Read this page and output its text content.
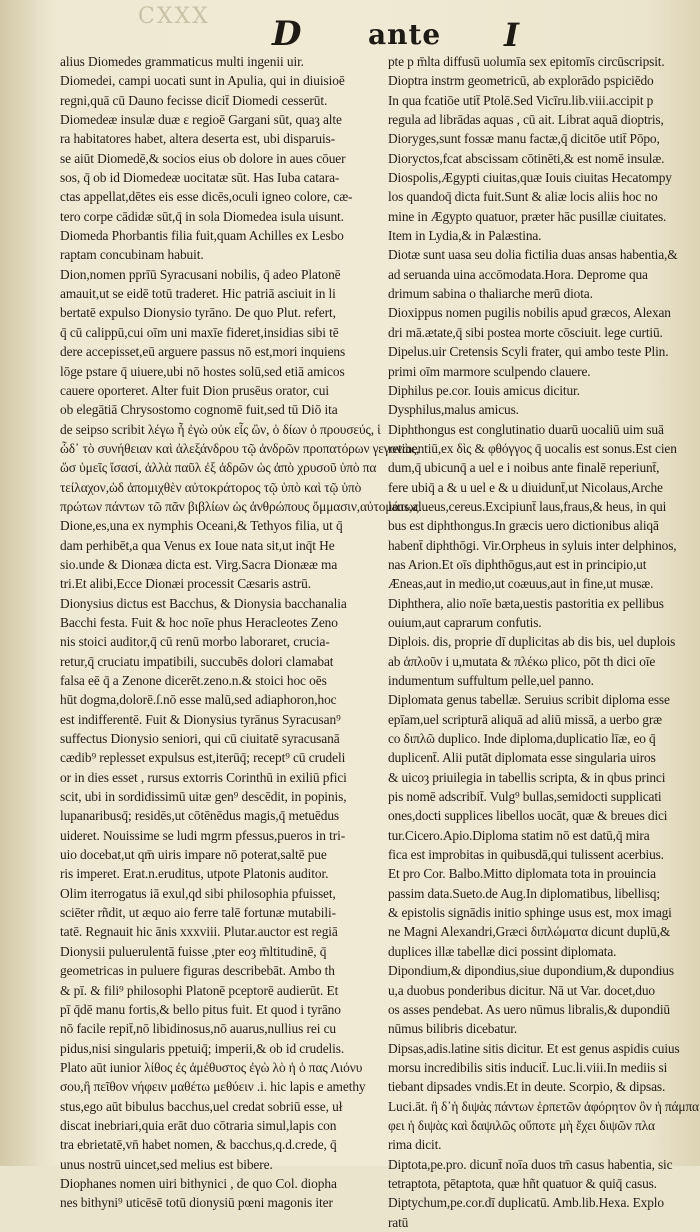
CXXX D ante I
alius Diomedes grammaticus multi ingenii uir.
Diomedei, campi uocati sunt in Apulia, qui in diuisioē
regni,quā cū Dauno fecisse dicit̄ Diomedi cesserūt.
Diomedeæ insulæ duæ ε regioē Gargani sūt, quaȝ alte
ra habitatores habet, altera deserta est, ubi disparuis-
se aiūt Diomedē,& socios eius ob dolore in aues cōuer
sos, q̄ ob id Diomedeæ uocitatæ sūt. Has Iuba catara-
ctas appellat,dētes eis esse dicēs,oculi igneo colore, cæ-
tero corpe cādidæ sūt,q̄ in sola Diomedea isula uisunt.
Diomeda Phorbantis filia fuit,quam Achilles ex Lesbo
raptam concubinam habuit.
Dion,nomen pprīū Syracusani nobilis, q̄ adeo Platonē
amauit,ut se eidē totū traderet. Hic patriā asciuit in li
bertatē expulso Dionysio tyrāno. De quo Plut. refert,
q̄ cū calippū,cui oīm uni maxīe fideret,insidias sibi tē
dere accepisset,eū arguere passus nō est,mori inquiens
lōge pstare q̄ uiuere,ubi nō hostes solū,sed etiā amicos
cauere oporteret. Alter fuit Dion prusēus orator, cui
ob elegātiā Chrysostomo cognomē fuit,sed tū Diō ita
de seipso scribit λέγω ἦ ἐγὼ οὐκ εἶς ὢν, ὁ δίων ὁ προυσεύς, ἱ
ὧδ᾽ τὸ συνήθειαν καὶ ἀλεξάνδρου τῷ ἀνδρῶν προπατόρων γεγονὼς,
ὥσ ὑμεῖς ἴσασί, ἀλλὰ παῦλ ἐξ ἀδρῶν ὡς ἀπὸ χρυσοῦ ὑπὸ πα
τείλαχον,ὡδ ἀπομιχθὲν αὐτοκράτορος τῷ ὑπὸ καὶ τῷ ὑπὸ
πρώτων πάντων τῶ πᾶν βιβλίων ὡς ἀνθρώπους ὄμμασιν,αὐτομάτως.
Dione,es,una ex nymphis Oceani,& Tethyos filia, ut q̄
dam perhibēt,a qua Venus ex Ioue nata sit,ut inq̄t He
sio.unde & Dionæa dicta est. Virg.Sacra Dionææ ma
tri.Et alibi,Ecce Dionæi processit Cæsaris astrū.
Dionysius dictus est Bacchus, & Dionysia bacchanalia
Bacchi festa. Fuit & hoc noīe phus Heracleotes Zeno
nis stoici auditor,q̄ cū renū morbo laboraret, crucia-
retur,q̄ cruciatu impatibili, succubēs dolori clamabat
falsa eē q̄ a Zenone dicerēt.zeno.n.& stoici hoc oēs
hūt dogma,dolorē.ſ.nō esse malū,sed adiaphoron,hoc
est indifferentē. Fuit & Dionysius tyrānus Syracusan⁹
suffectus Dionysio seniori, qui cū ciuitatē syracusanā
cædib⁹ replesset expulsus est,iterūq̄; recept⁹ cū crudeli
or in dies esset , rursus extorris Corinthū in exiliū pfici
scit, ubi in sordidissimū uitæ gen⁹ descēdit, in popinis,
lupanaribusq̄; residēs,ut cōtēnēdus magis,q̄ metuēdus
uideret. Nouissime se ludi mgrm pfessus,pueros in tri-
uio docebat,ut qm̄ uiris impare nō poterat,saltē pue
ris imperet. Erat.n.eruditus, utpote Platonis auditor.
Olim iterrogatus iā exul,qd sibi philosophia pfuisset,
sciēter rñdit, ut æquo aio ferre talē fortunæ mutabili-
tatē. Regnauit hic ānis xxxviii. Plutar.auctor est regiā
Dionysii puluerulentā fuisse ,pter eoȝ m̄ltitudinē, q̄
geometricas in puluere figuras describebāt. Ambo th
& pī. & fili⁹ philosophi Platonē pceptorē audierūt. Et
pī q̄dē manu fortis,& bello pitus fuit. Et quod i tyrāno
nō facile repit̄,nō libidinosus,nō auarus,nullius rei cu
pidus,nisi singularis ppetuiq̄; imperii,& ob id crudelis.
Plato aūt iunior λίθος ἐς ἀμέθυστος ἐγὼ λὸ ἡ ὁ πας Λιόνυ
σου,ἢ πεῖθον νήφειν μαθέτω μεθύειν .i. hic lapis e amethy
stus,ego aūt bibulus bacchus,uel credat sobriū esse, uł
discat inebriari,quia erāt duo cōtraria simul,lapis con
tra ebrietatē,vn̄ habet nomen, & bacchus,q.d.crede, q̄
unus nostrū uincet,sed melius est bibere.
Diophanes nomen uiri bithynici , de quo Col. diopha
nes bithyni⁹ uticēsē totū dionysiū pœni magonis iter
pte p m̄lta diffusū uolumīa sex epitomīs circūscripsit.
Dioptra instrm geometricū, ab explorādo pspiciēdo
In qua fcatiōe utit̄ Ptolē.Sed Vicīru.lib.viii.accipit p
regula ad librādas aquas , cū ait. Librat aquā dioptris,
Dioryges,sunt fossæ manu factæ,q̄ dicitōe utit̄ Pōpo,
Dioryctos,fcat abscissam cōtinēti,& est nomē insulæ.
Diospolis,Ægypti ciuitas,quæ Iouis ciuitas Hecatompy
los quandoq̄ dicta fuit.Sunt & aliæ locis aliis hoc no
mine in Ægypto quatuor, præter hāc pusillæ ciuitates.
Item in Lydia,& in Palæstina.
Diotæ sunt uasa seu dolia fictilia duas ansas habentia,&
ad seruanda uina accōmodata.Hora. Deprome qua
drimum sabina o thaliarche merū diota.
Dioxippus nomen pugilis nobilis apud græcos, Alexan
dri mā.ætate,q̄ sibi postea morte cōsciuit. lege curtiū.
Dipelus.uir Cretensis Scyli frater, qui ambo teste Plin.
primi oīm marmore sculpendo clauere.
Diphilus pe.cor. Iouis amicus dicitur.
Dysphilus,malus amicus.
Diphthongus est conglutinatio duarū uocaliū uim suā
retinentiū,ex δὶς & φθόγγος q̄ uocalis est sonus.Est cien
dum,q̄ ubicunq̄ a uel e i noibus ante finalē reperiunt̄,
fere ubiq̄ a & u uel e & u diuidunt̄,ut Nicolaus,Arche
laus,alueus,cereus.Excipiunt̄ laus,fraus,& heus, in qui
bus est diphthongus.In græcis uero dictionibus aliqā
habent̄ diphthōgi. Vir.Orpheus in syluis inter delphinos,
nas Arion.Et oīs diphthōgus,aut est in principio,ut
Æneas,aut in medio,ut coæuus,aut in fine,ut musæ.
Diphthera, alio noīe bæta,uestis pastoritia ex pellibus
ouium,aut caprarum confutis.
Diplois. dis, proprie dī duplicitas ab dis bis, uel duplois
ab ἁπλοῦν i u,mutata & πλέκω plico, pōt th dici oīe
indumentum suffultum pelle,uel panno.
Diplomata genus tabellæ. Seruius scribit diploma esse
epīam,uel scripturā aliquā ad aliū missā, a uerbo græ
co διπλῶ duplico. Inde diploma,duplicatio līæ, eo q̄
duplicent̄. Alii putāt diplomata esse singularia uiros
& uicoȝ priuilegia in tabellis scripta, & in qbus princi
pis nomē adscribit̄. Vulg⁹ bullas,semidocti supplicati
ones,docti supplices libellos uocāt, quæ & breues dici
tur.Cicero.Apio.Diploma statim nō est datū,q̄ mira
fica est improbitas in quibusdā,qui tulissent acerbius.
Et pro Cor. Balbo.Mitto diplomata tota in prouincia
passim data.Sueto.de Aug.In diplomatibus, libellisq;
& epistolis signādis initio sphinge usus est, mox imagi
ne Magni Alexandri,Græci διπλώματα dicunt duplū,&
duplices illæ tabellæ dici possint diplomata.
Dipondium,& dipondius,siue dupondium,& dupondius
u,a duobus ponderibus dicitur. Nā ut Var. docet,duo
os asses pendebat. As uero nūmus libralis,& dupondiū
nūmus bilibris dicebatur.
Dipsas,adis.latine sitis dicitur. Et est genus aspidis cuius
morsu incredibilis sitis inducit̄. Luc.li.viii.In mediis si
tiebant dipsades vndis.Et in deute. Scorpio, & dipsas.
Luci.āt. ἢ δ᾽ἡ διψὰς πάντων ἑρπετῶν ἀφόρητον ὂν ἡ πάμπα
φει ἡ διψὰς καὶ δαψιλῶς οὔποτε μὴ ἔχει διψῶν πλα
rima dicit.
Diptota,pe.pro. dicunt̄ noīa duos tm̄ casus habentia, sic
tetraptota, pētaptota, quæ hñt quatuor & quiq̄ casus.
Diptychum,pe.cor.dī duplicatū. Amb.lib.Hexa. Explo
ratū
